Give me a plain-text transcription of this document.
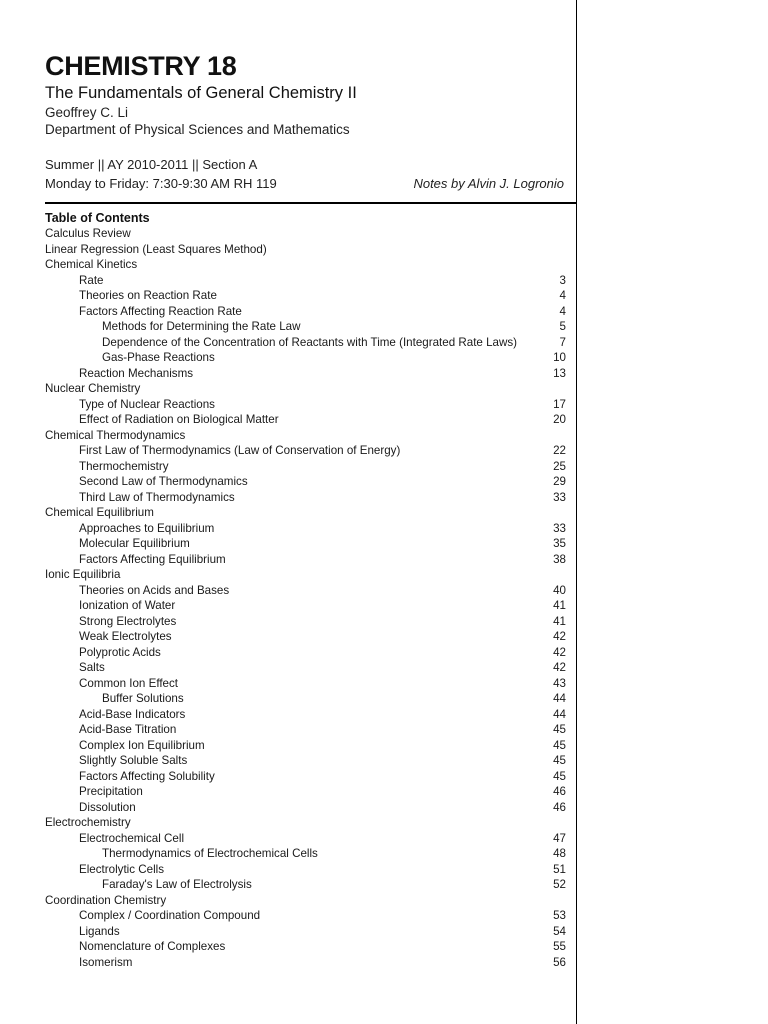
CHEMISTRY 18
The Fundamentals of General Chemistry II
Geoffrey C. Li
Department of Physical Sciences and Mathematics
Summer || AY 2010-2011 || Section A
Monday to Friday: 7:30-9:30 AM RH 119	Notes by Alvin J. Logronio
Table of Contents
Calculus Review
Linear Regression (Least Squares Method)
Chemical Kinetics
Rate	3
Theories on Reaction Rate	4
Factors Affecting Reaction Rate	4
Methods for Determining the Rate Law	5
Dependence of the Concentration of Reactants with Time (Integrated Rate Laws)	7
Gas-Phase Reactions	10
Reaction Mechanisms	13
Nuclear Chemistry
Type of Nuclear Reactions	17
Effect of Radiation on Biological Matter	20
Chemical Thermodynamics
First Law of Thermodynamics (Law of Conservation of Energy)	22
Thermochemistry	25
Second Law of Thermodynamics	29
Third Law of Thermodynamics	33
Chemical Equilibrium
Approaches to Equilibrium	33
Molecular Equilibrium	35
Factors Affecting Equilibrium	38
Ionic Equilibria
Theories on Acids and Bases	40
Ionization of Water	41
Strong Electrolytes	41
Weak Electrolytes	42
Polyprotic Acids	42
Salts	42
Common Ion Effect	43
Buffer Solutions	44
Acid-Base Indicators	44
Acid-Base Titration	45
Complex Ion Equilibrium	45
Slightly Soluble Salts	45
Factors Affecting Solubility	45
Precipitation	46
Dissolution	46
Electrochemistry
Electrochemical Cell	47
Thermodynamics of Electrochemical Cells	48
Electrolytic Cells	51
Faraday's Law of Electrolysis	52
Coordination Chemistry
Complex / Coordination Compound	53
Ligands	54
Nomenclature of Complexes	55
Isomerism	56
